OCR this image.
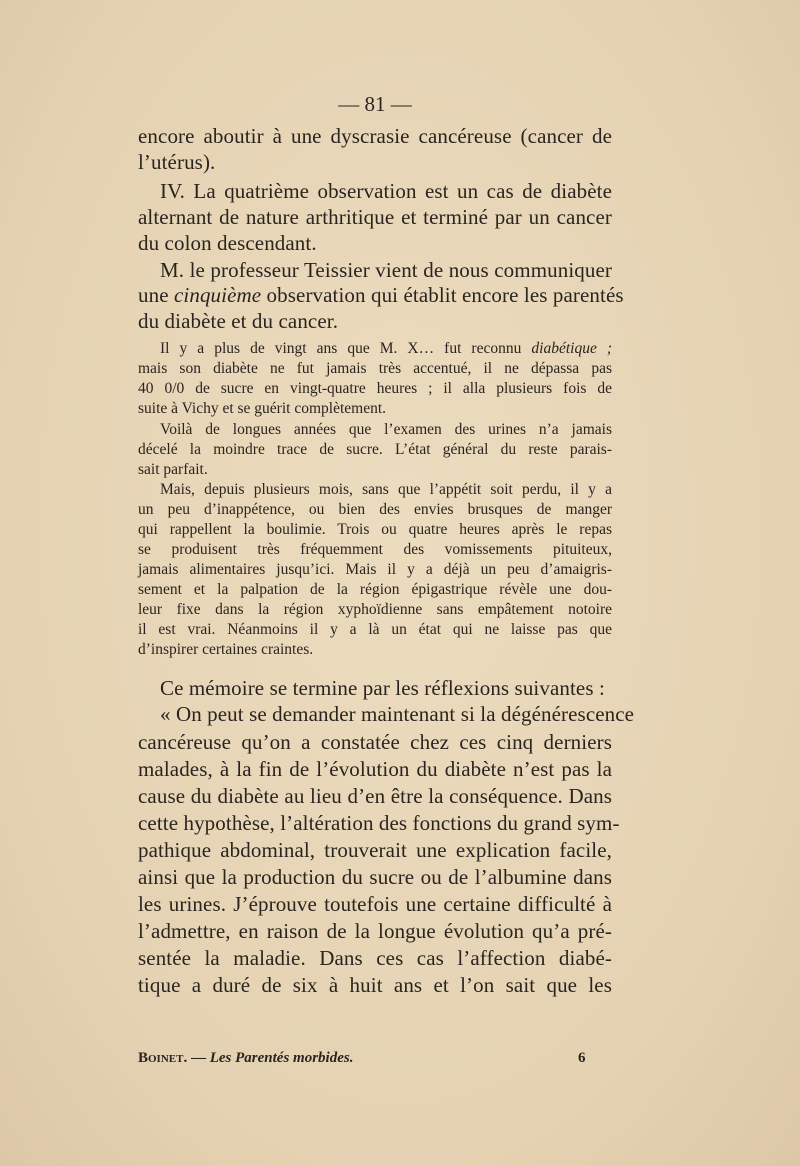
— 81 —
encore aboutir à une dyscrasie cancéreuse (cancer de
l’utérus).
IV. La quatrième observation est un cas de diabète
alternant de nature arthritique et terminé par un cancer
du colon descendant.
M. le professeur Teissier vient de nous communiquer
une cinquième observation qui établit encore les parentés
du diabète et du cancer.
Il y a plus de vingt ans que M. X… fut reconnu diabétique ;
mais son diabète ne fut jamais très accentué, il ne dépassa pas
40 0/0 de sucre en vingt-quatre heures ; il alla plusieurs fois de
suite à Vichy et se guérit complètement.
Voilà de longues années que l’examen des urines n’a jamais
décelé la moindre trace de sucre. L’état général du reste parais-
sait parfait.
Mais, depuis plusieurs mois, sans que l’appétit soit perdu, il y a
un peu d’inappétence, ou bien des envies brusques de manger
qui rappellent la boulimie. Trois ou quatre heures après le repas
se produisent très fréquemment des vomissements pituiteux,
jamais alimentaires jusqu’ici. Mais il y a déjà un peu d’amaigris-
sement et la palpation de la région épigastrique révèle une dou-
leur fixe dans la région xyphoïdienne sans empâtement notoire
il est vrai. Néanmoins il y a là un état qui ne laisse pas que
d’inspirer certaines craintes.
Ce mémoire se termine par les réflexions suivantes :
« On peut se demander maintenant si la dégénérescence
cancéreuse qu’on a constatée chez ces cinq derniers
malades, à la fin de l’évolution du diabète n’est pas la
cause du diabète au lieu d’en être la conséquence. Dans
cette hypothèse, l’altération des fonctions du grand sym-
pathique abdominal, trouverait une explication facile,
ainsi que la production du sucre ou de l’albumine dans
les urines. J’éprouve toutefois une certaine difficulté à
l’admettre, en raison de la longue évolution qu’a pré-
sentée la maladie. Dans ces cas l’affection diabé-
tique a duré de six à huit ans et l’on sait que les
Boinet. — Les Parentés morbides.	6
